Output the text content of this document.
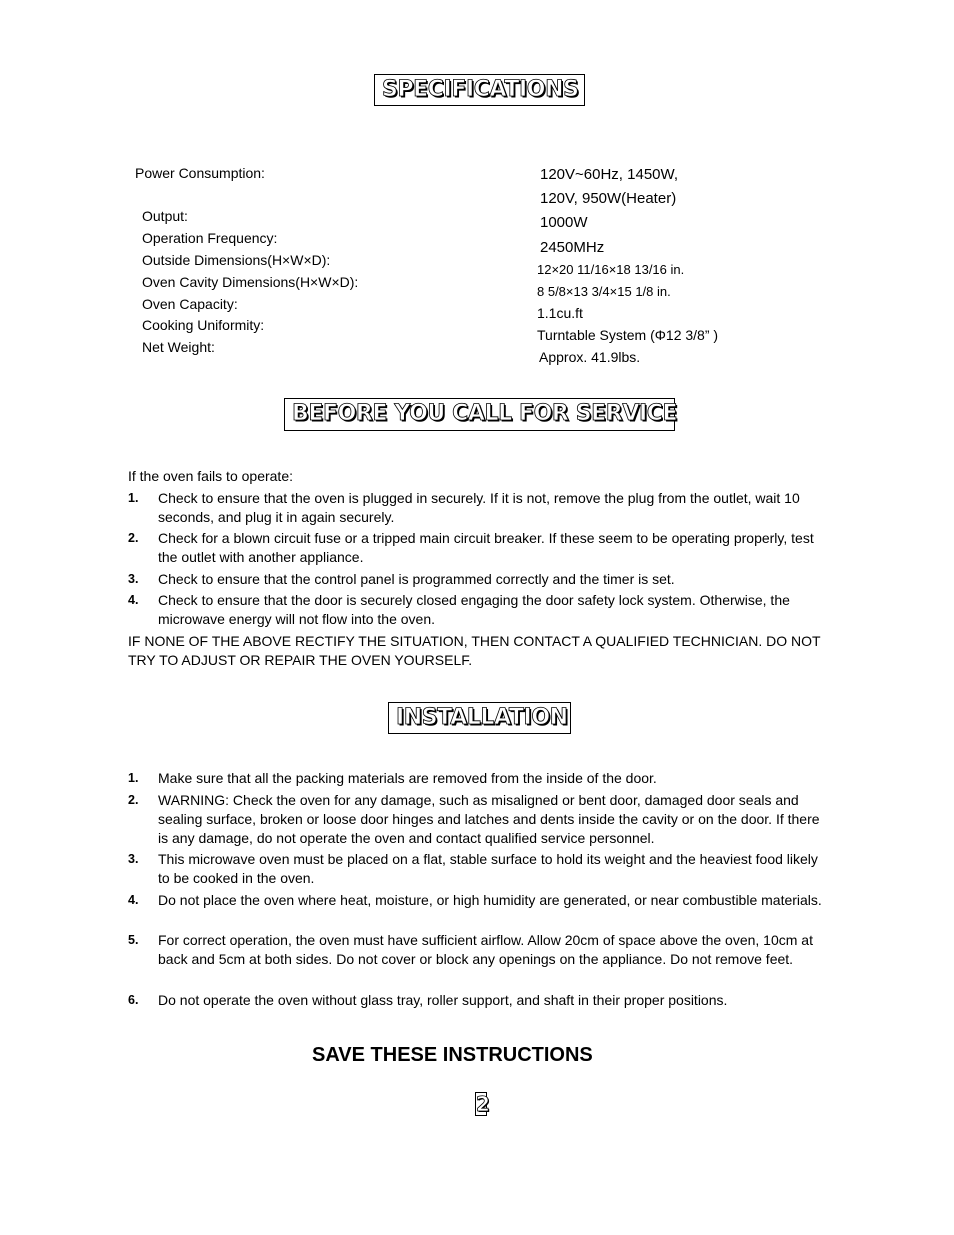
SPECIFICATIONS
Power Consumption:
Output:
Operation Frequency:
Outside Dimensions(H×W×D):
Oven Cavity Dimensions(H×W×D):
Oven Capacity:
Cooking Uniformity:
Net Weight:
120V~60Hz, 1450W,
120V, 950W(Heater)
1000W
2450MHz
12×20 11/16×18 13/16 in.
8 5/8×13 3/4×15 1/8 in.
1.1cu.ft
Turntable System (Φ12 3/8” )
Approx. 41.9lbs.
BEFORE YOU CALL FOR SERVICE
If the oven fails to operate:
1. Check to ensure that the oven is plugged in securely. If it is not, remove the plug from the outlet, wait 10 seconds, and plug it in again securely.
2. Check for a blown circuit fuse or a tripped main circuit breaker. If these seem to be operating properly, test the outlet with another appliance.
3. Check to ensure that the control panel is programmed correctly and the timer is set.
4. Check to ensure that the door is securely closed engaging the door safety lock system. Otherwise, the microwave energy will not flow into the oven.
IF NONE OF THE ABOVE RECTIFY THE SITUATION, THEN CONTACT A QUALIFIED TECHNICIAN. DO NOT TRY TO ADJUST OR REPAIR THE OVEN YOURSELF.
INSTALLATION
1. Make sure that all the packing materials are removed from the inside of the door.
2. WARNING: Check the oven for any damage, such as misaligned or bent door, damaged door seals and sealing surface, broken or loose door hinges and latches and dents inside the cavity or on the door. If there is any damage, do not operate the oven and contact qualified service personnel.
3. This microwave oven must be placed on a flat, stable surface to hold its weight and the heaviest food likely to be cooked in the oven.
4. Do not place the oven where heat, moisture, or high humidity are generated, or near combustible materials.
5. For correct operation, the oven must have sufficient airflow. Allow 20cm of space above the oven, 10cm at back and 5cm at both sides. Do not cover or block any openings on the appliance. Do not remove feet.
6. Do not operate the oven without glass tray, roller support, and shaft in their proper positions.
SAVE THESE INSTRUCTIONS
2
